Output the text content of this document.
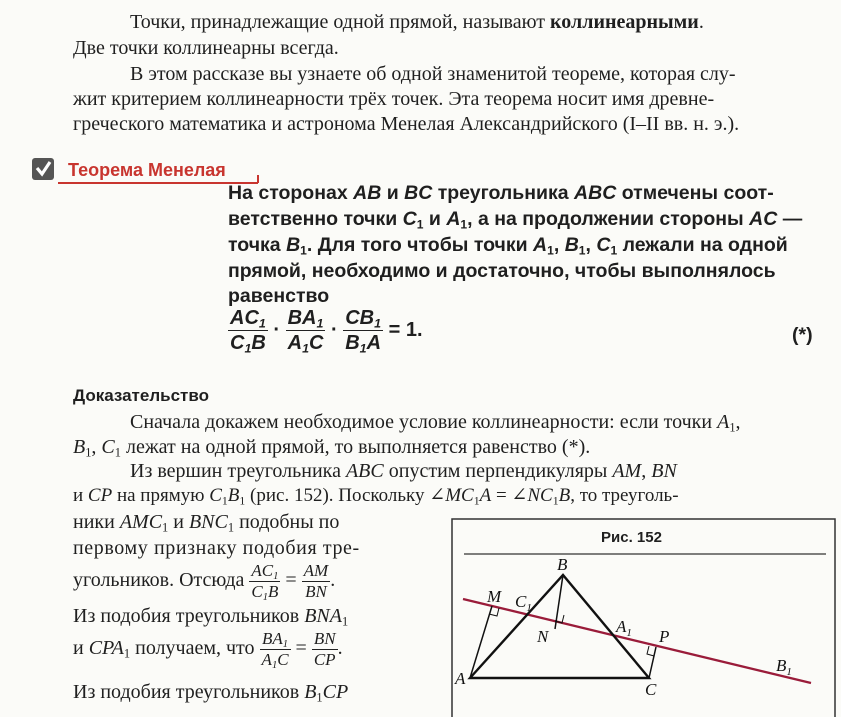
Точки, принадлежащие одной прямой, называют коллинеарными.
Две точки коллинеарны всегда.
В этом рассказе вы узнаете об одной знаменитой теореме, которая слу-
жит критерием коллинеарности трёх точек. Эта теорема носит имя древне-
греческого математика и астронома Менелая Александрийского (I–II вв. н. э.).
Теорема Менелая
На сторонах AB и BC треугольника ABC отмечены соот-
ветственно точки $C_1$ и $A_1$, а на продолжении стороны AC —
точка $B_1$. Для того чтобы точки $A_1$, $B_1$, $C_1$ лежали на одной
прямой, необходимо и достаточно, чтобы выполнялось
равенство
$\frac{AC_1}{C_1B} \cdot \frac{BA_1}{A_1C} \cdot \frac{CB_1}{B_1A} = 1$.	(*)
Доказательство
Сначала докажем необходимое условие коллинеарности: если точки $A_1$,
$B_1$, $C_1$ лежат на одной прямой, то выполняется равенство (*).
Из вершин треугольника ABC опустим перпендикуляры AM, BN
и CP на прямую $C_1B_1$ (рис. 152). Поскольку $\angle MC_1A$ = $\angle NC_1B$, то треуголь-
ники $AMC_1$ и $BNC_1$ подобны по
первому признаку подобия тре-
угольников. Отсюда $\frac{AC_1}{C_1B} = \frac{AM}{BN}$ .
Из подобия треугольников $BNA_1$
и $CPA_1$ получаем, что $\frac{BA_1}{A_1C} = \frac{BN}{CP}$ .
Из подобия треугольников $B_1CP$
Рис. 152
B
M $C_1$
N
$A_1$ P
A
C
$B_1$
